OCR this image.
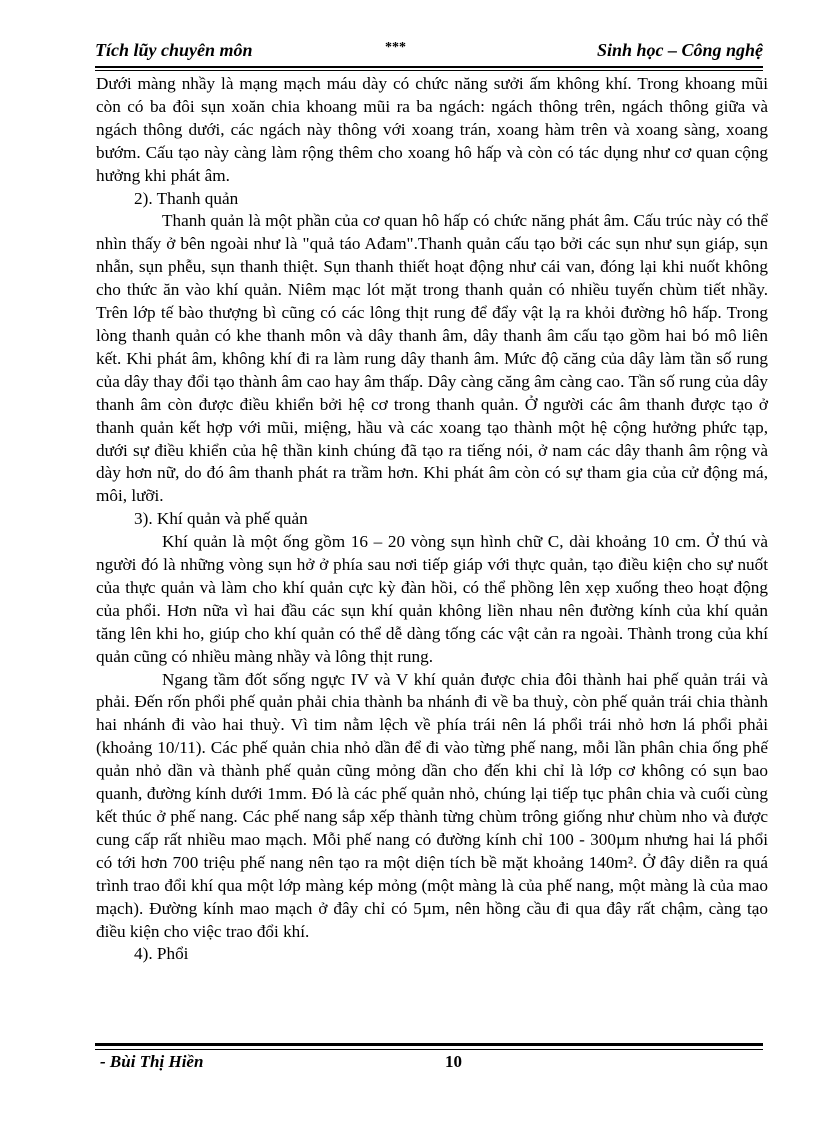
Tích lũy chuyên môn	***	Sinh học – Công nghệ

Dưới màng nhầy là mạng mạch máu dày có chức năng sưởi ấm không khí. Trong khoang mũi còn có ba đôi sụn xoăn chia khoang mũi ra ba ngách: ngách thông trên, ngách thông giữa và ngách thông dưới, các ngách này thông với xoang trán, xoang hàm trên và xoang sàng, xoang bướm. Cấu tạo này càng làm rộng thêm cho xoang hô hấp và còn có tác dụng như cơ quan cộng hưởng khi phát âm.

2). Thanh quản

Thanh quản là một phần của cơ quan hô hấp có chức năng phát âm. Cấu trúc này có thể nhìn thấy ở bên ngoài như là "quả táo Ađam".Thanh quản cấu tạo bởi các sụn như sụn giáp, sụn nhẫn, sụn phễu, sụn thanh thiệt. Sụn thanh thiết hoạt động như cái van, đóng lại khi nuốt không cho thức ăn vào khí quản. Niêm mạc lót mặt trong thanh quản có nhiều tuyến chùm tiết nhầy. Trên lớp tế bào thượng bì cũng có các lông thịt rung để đẩy vật lạ ra khỏi đường hô hấp. Trong lòng thanh quản có khe thanh môn và dây thanh âm, dây thanh âm cấu tạo gồm hai bó mô liên kết. Khi phát âm, không khí đi ra làm rung dây thanh âm. Mức độ căng của dây làm tần số rung của dây thay đổi tạo thành âm cao hay âm thấp. Dây càng căng âm càng cao. Tần số rung của dây thanh âm còn được điều khiển bởi hệ cơ trong thanh quản. Ở người các âm thanh được tạo ở thanh quản kết hợp với mũi, miệng, hầu và các xoang tạo thành một hệ cộng hưởng phức tạp, dưới sự điều khiển của hệ thần kinh chúng đã tạo ra tiếng nói, ở nam các dây thanh âm rộng và dày hơn nữ, do đó âm thanh phát ra trầm hơn. Khi phát âm còn có sự tham gia của cử động má, môi, lưỡi.

3). Khí quản và phế quản

Khí quản là một ống gồm 16 – 20 vòng sụn hình chữ C, dài khoảng 10 cm. Ở thú và người đó là những vòng sụn hở ở phía sau nơi tiếp giáp với thực quản, tạo điều kiện cho sự nuốt của thực quản và làm cho khí quản cực kỳ đàn hồi, có thể phồng lên xẹp xuống theo hoạt động của phổi. Hơn nữa vì hai đầu các sụn khí quản không liền nhau nên đường kính của khí quản tăng lên khi ho, giúp cho khí quản có thể dễ dàng tống các vật cản ra ngoài. Thành trong của khí quản cũng có nhiều màng nhầy và lông thịt rung.

Ngang tầm đốt sống ngực IV và V khí quản được chia đôi thành hai phế quản trái và phải. Đến rốn phổi phế quản phải chia thành ba nhánh đi về ba thuỳ, còn phế quản trái chia thành hai nhánh đi vào hai thuỳ. Vì tim nằm lệch về phía trái nên lá phổi trái nhỏ hơn lá phổi phải (khoảng 10/11). Các phế quản chia nhỏ dần để đi vào từng phế nang, mỗi lần phân chia ống phế quản nhỏ dần và thành phế quản cũng mỏng dần cho đến khi chỉ là lớp cơ không có sụn bao quanh, đường kính dưới 1mm. Đó là các phế quản nhỏ, chúng lại tiếp tục phân chia và cuối cùng kết thúc ở phế nang. Các phế nang sắp xếp thành từng chùm trông giống như chùm nho và được cung cấp rất nhiều mao mạch. Mỗi phế nang có đường kính chỉ 100 - 300µm nhưng hai lá phổi có tới hơn 700 triệu phế nang nên tạo ra một diện tích bề mặt khoảng 140m². Ở đây diễn ra quá trình trao đổi khí qua một lớp màng kép mỏng (một màng là của phế nang, một màng là của mao mạch). Đường kính mao mạch ở đây chỉ có 5µm, nên hồng cầu đi qua đây rất chậm, càng tạo điều kiện cho việc trao đổi khí.

4). Phổi

- Bùi Thị Hiền	10
